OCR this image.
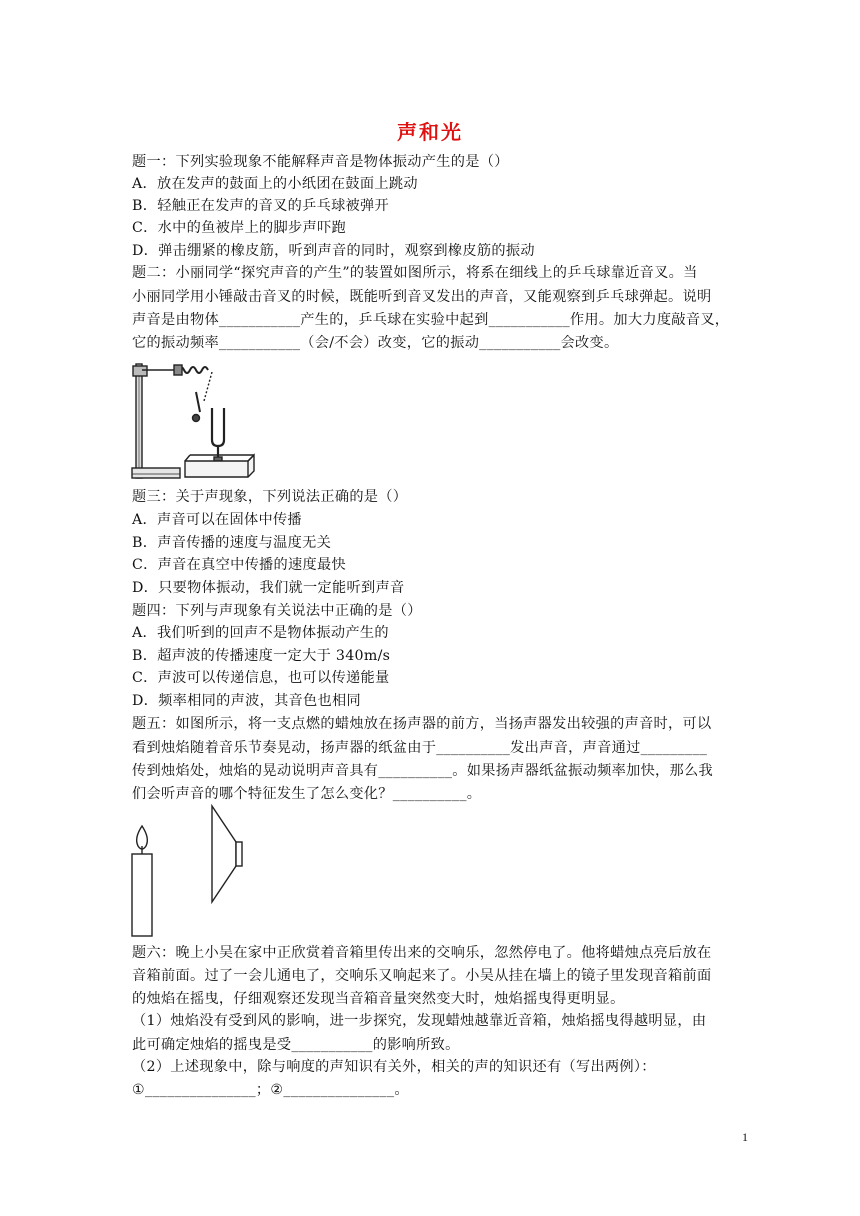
声和光
题一：下列实验现象不能解释声音是物体振动产生的是（）
A．放在发声的鼓面上的小纸团在鼓面上跳动
B．轻触正在发声的音叉的乒乓球被弹开
C．水中的鱼被岸上的脚步声吓跑
D．弹击绷紧的橡皮筋，听到声音的同时，观察到橡皮筋的振动
题二：小丽同学“探究声音的产生”的装置如图所示，将系在细线上的乒乓球靠近音叉。当
小丽同学用小锤敲击音叉的时候，既能听到音叉发出的声音，又能观察到乒乓球弹起。说明
声音是由物体___________产生的，乒乓球在实验中起到___________作用。加大力度敲音叉，
它的振动频率___________（会/不会）改变，它的振动___________会改变。
题三：关于声现象，下列说法正确的是（）
A．声音可以在固体中传播
B．声音传播的速度与温度无关
C．声音在真空中传播的速度最快
D．只要物体振动，我们就一定能听到声音
题四：下列与声现象有关说法中正确的是（）
A．我们听到的回声不是物体振动产生的
B．超声波的传播速度一定大于 340m/s
C．声波可以传递信息，也可以传递能量
D．频率相同的声波，其音色也相同
题五：如图所示，将一支点燃的蜡烛放在扬声器的前方，当扬声器发出较强的声音时，可以
看到烛焰随着音乐节奏晃动，扬声器的纸盆由于__________发出声音，声音通过_________
传到烛焰处，烛焰的晃动说明声音具有__________。如果扬声器纸盆振动频率加快，那么我
们会听声音的哪个特征发生了怎么变化？__________。
题六：晚上小吴在家中正欣赏着音箱里传出来的交响乐，忽然停电了。他将蜡烛点亮后放在
音箱前面。过了一会儿通电了，交响乐又响起来了。小吴从挂在墙上的镜子里发现音箱前面
的烛焰在摇曳，仔细观察还发现当音箱音量突然变大时，烛焰摇曳得更明显。
（1）烛焰没有受到风的影响，进一步探究，发现蜡烛越靠近音箱，烛焰摇曳得越明显，由
此可确定烛焰的摇曳是受___________的影响所致。
（2）上述现象中，除与响度的声知识有关外，相关的声的知识还有（写出两例）：
①_______________；②_______________。
1
